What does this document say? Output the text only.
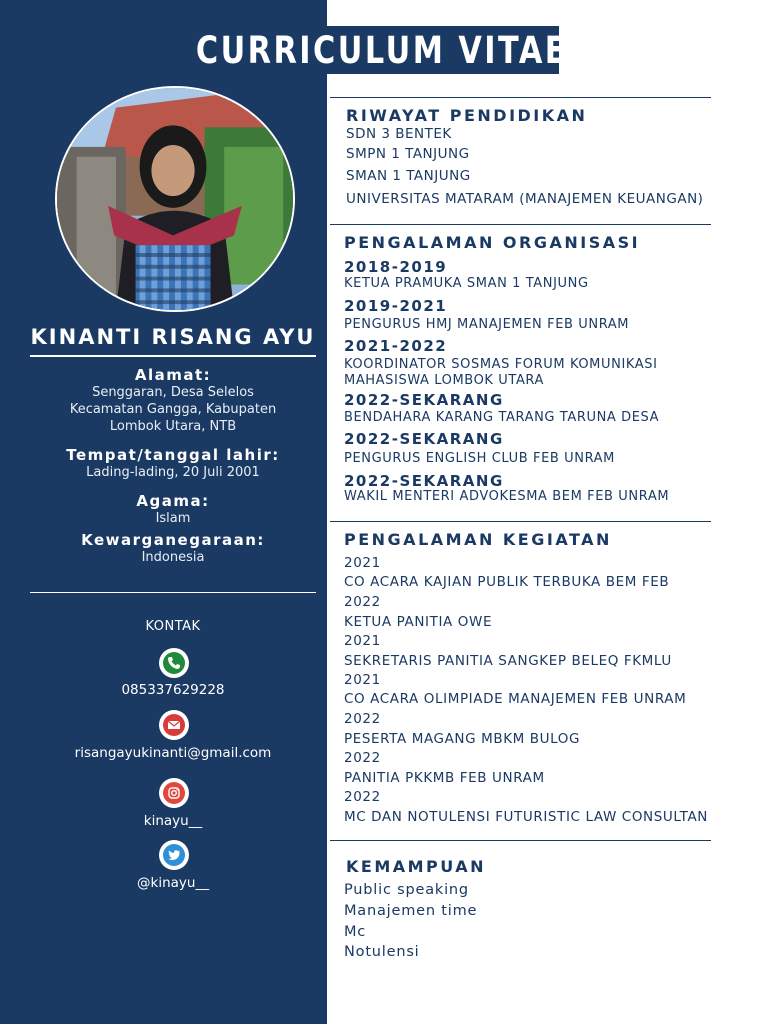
CURRICULUM VITAE
KINANTI RISANG AYU
Alamat:
Senggaran, Desa Selelos
Kecamatan Gangga, Kabupaten
Lombok Utara, NTB
Tempat/tanggal lahir:
Lading-lading, 20 Juli 2001
Agama:
Islam
Kewarganegaraan:
Indonesia
KONTAK
085337629228
risangayukinanti@gmail.com
kinayu__
@kinayu__
RIWAYAT PENDIDIKAN
SDN 3 BENTEK
SMPN 1 TANJUNG
SMAN 1 TANJUNG
UNIVERSITAS MATARAM (MANAJEMEN KEUANGAN)
PENGALAMAN ORGANISASI
2018-2019
KETUA PRAMUKA SMAN 1 TANJUNG
2019-2021
PENGURUS HMJ MANAJEMEN FEB UNRAM
2021-2022
KOORDINATOR SOSMAS FORUM KOMUNIKASI
MAHASISWA LOMBOK UTARA
2022-SEKARANG
BENDAHARA KARANG TARANG TARUNA DESA
2022-SEKARANG
PENGURUS ENGLISH CLUB FEB UNRAM
2022-SEKARANG
WAKIL MENTERI ADVOKESMA BEM FEB UNRAM
PENGALAMAN KEGIATAN
2021
CO ACARA KAJIAN PUBLIK TERBUKA BEM FEB
2022
KETUA PANITIA OWE
2021
SEKRETARIS PANITIA SANGKEP BELEQ FKMLU
2021
CO ACARA OLIMPIADE MANAJEMEN FEB UNRAM
2022
PESERTA MAGANG MBKM BULOG
2022
PANITIA PKKMB FEB UNRAM
2022
MC DAN NOTULENSI FUTURISTIC LAW CONSULTAN
KEMAMPUAN
Public speaking
Manajemen time
Mc
Notulensi
